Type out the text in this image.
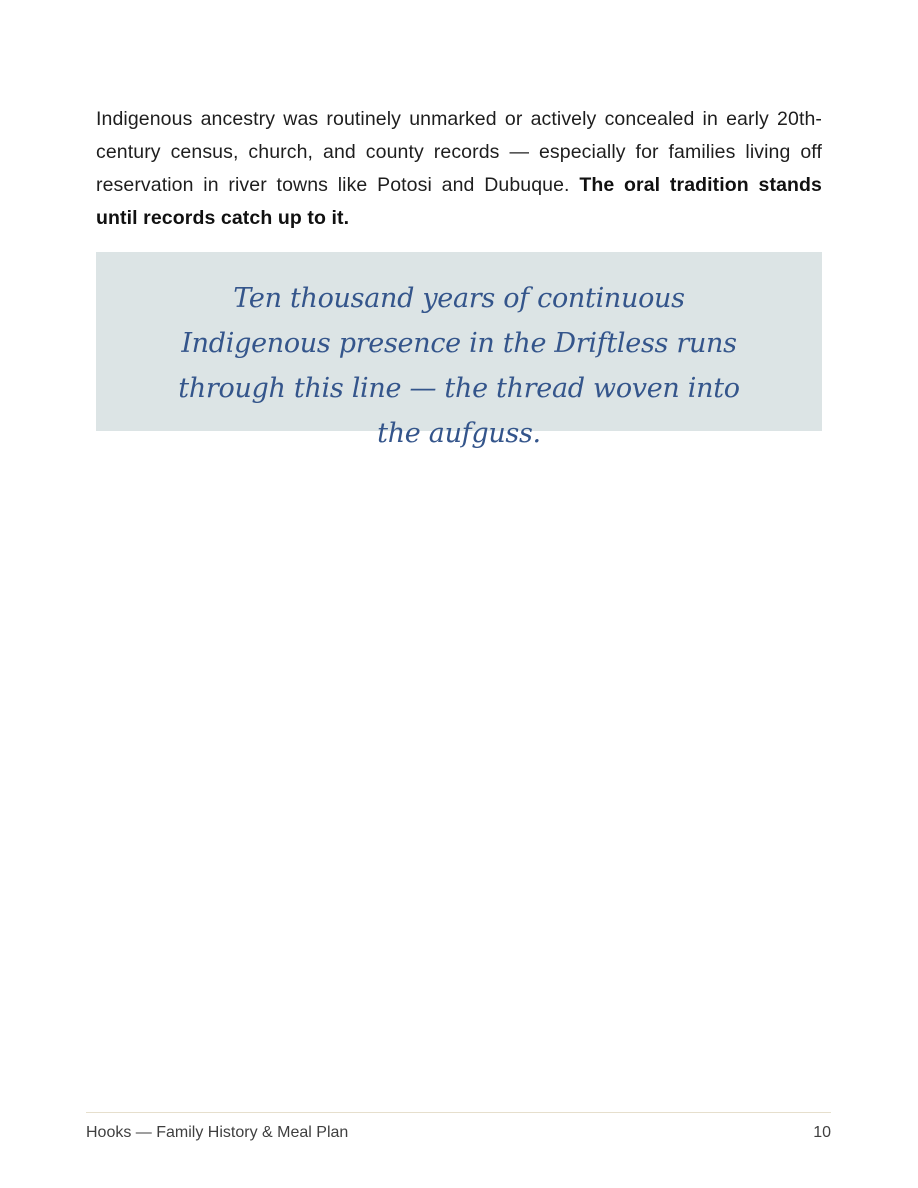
Indigenous ancestry was routinely unmarked or actively concealed in early 20th-century census, church, and county records — especially for families living off reservation in river towns like Potosi and Dubuque. The oral tradition stands until records catch up to it.

Ten thousand years of continuous Indigenous presence in the Driftless runs through this line — the thread woven into the aufguss.

Hooks — Family History & Meal Plan	10
